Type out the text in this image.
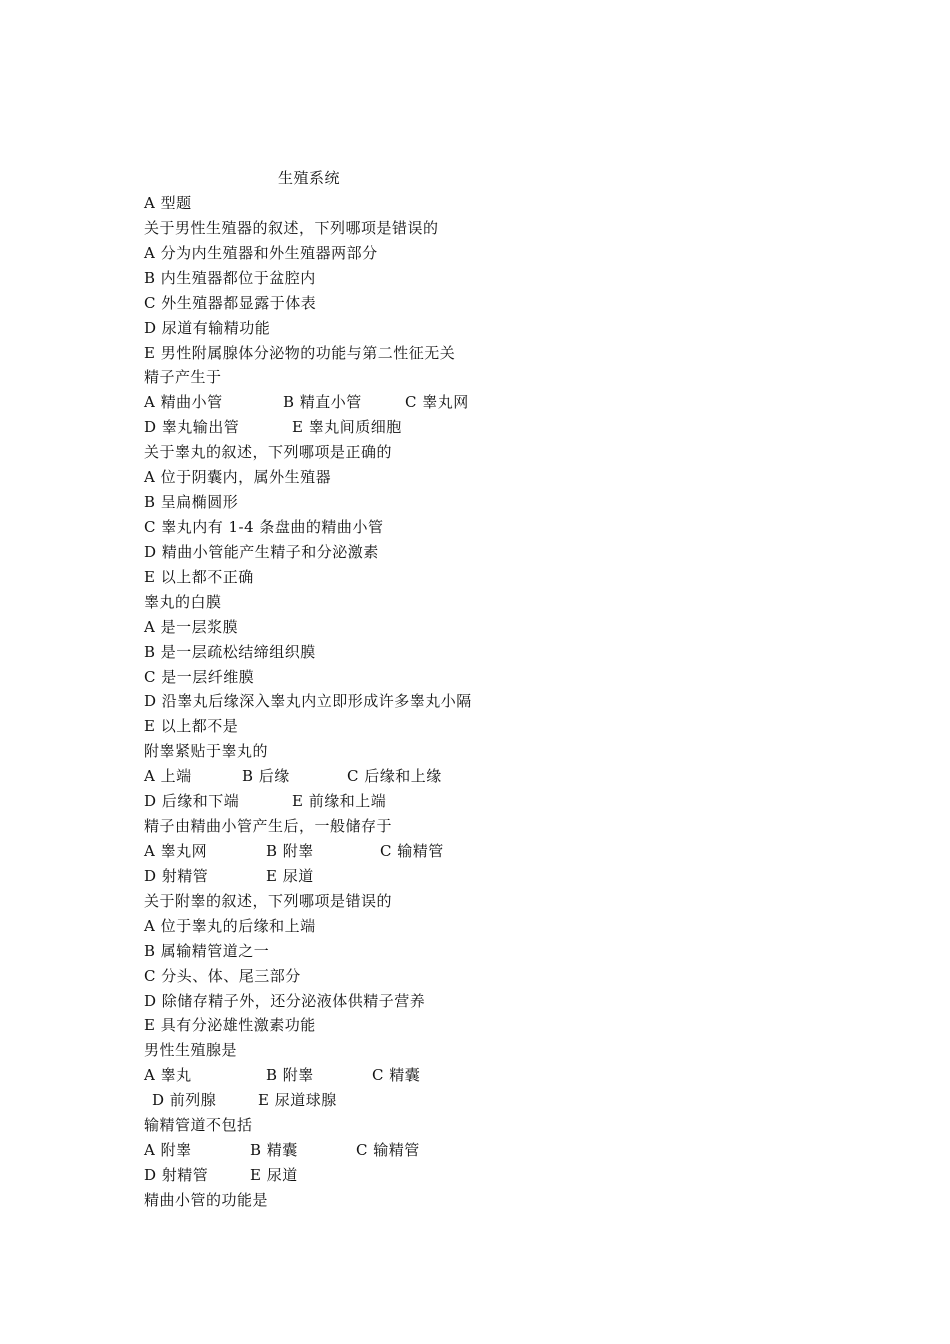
生殖系统
A 型题
关于男性生殖器的叙述，下列哪项是错误的
A 分为内生殖器和外生殖器两部分
B 内生殖器都位于盆腔内
C 外生殖器都显露于体表
D 尿道有输精功能
E 男性附属腺体分泌物的功能与第二性征无关
精子产生于
A 精曲小管	B 精直小管	C 睾丸网
D 睾丸输出管	E 睾丸间质细胞
关于睾丸的叙述，下列哪项是正确的
A 位于阴囊内，属外生殖器
B 呈扁椭圆形
C 睾丸内有 1-4 条盘曲的精曲小管
D 精曲小管能产生精子和分泌激素
E 以上都不正确
睾丸的白膜
A 是一层浆膜
B 是一层疏松结缔组织膜
C 是一层纤维膜
D 沿睾丸后缘深入睾丸内立即形成许多睾丸小隔
E 以上都不是
附睾紧贴于睾丸的
A 上端	B 后缘	C 后缘和上缘
D 后缘和下端	E 前缘和上端
精子由精曲小管产生后，一般储存于
A 睾丸网	B 附睾	C 输精管
D 射精管	E 尿道
关于附睾的叙述，下列哪项是错误的
A 位于睾丸的后缘和上端
B 属输精管道之一
C 分头、体、尾三部分
D 除储存精子外，还分泌液体供精子营养
E 具有分泌雄性激素功能
男性生殖腺是
A 睾丸	B 附睾	C 精囊
D 前列腺	E 尿道球腺
输精管道不包括
A 附睾	B 精囊	C 输精管
D 射精管	E 尿道
精曲小管的功能是
